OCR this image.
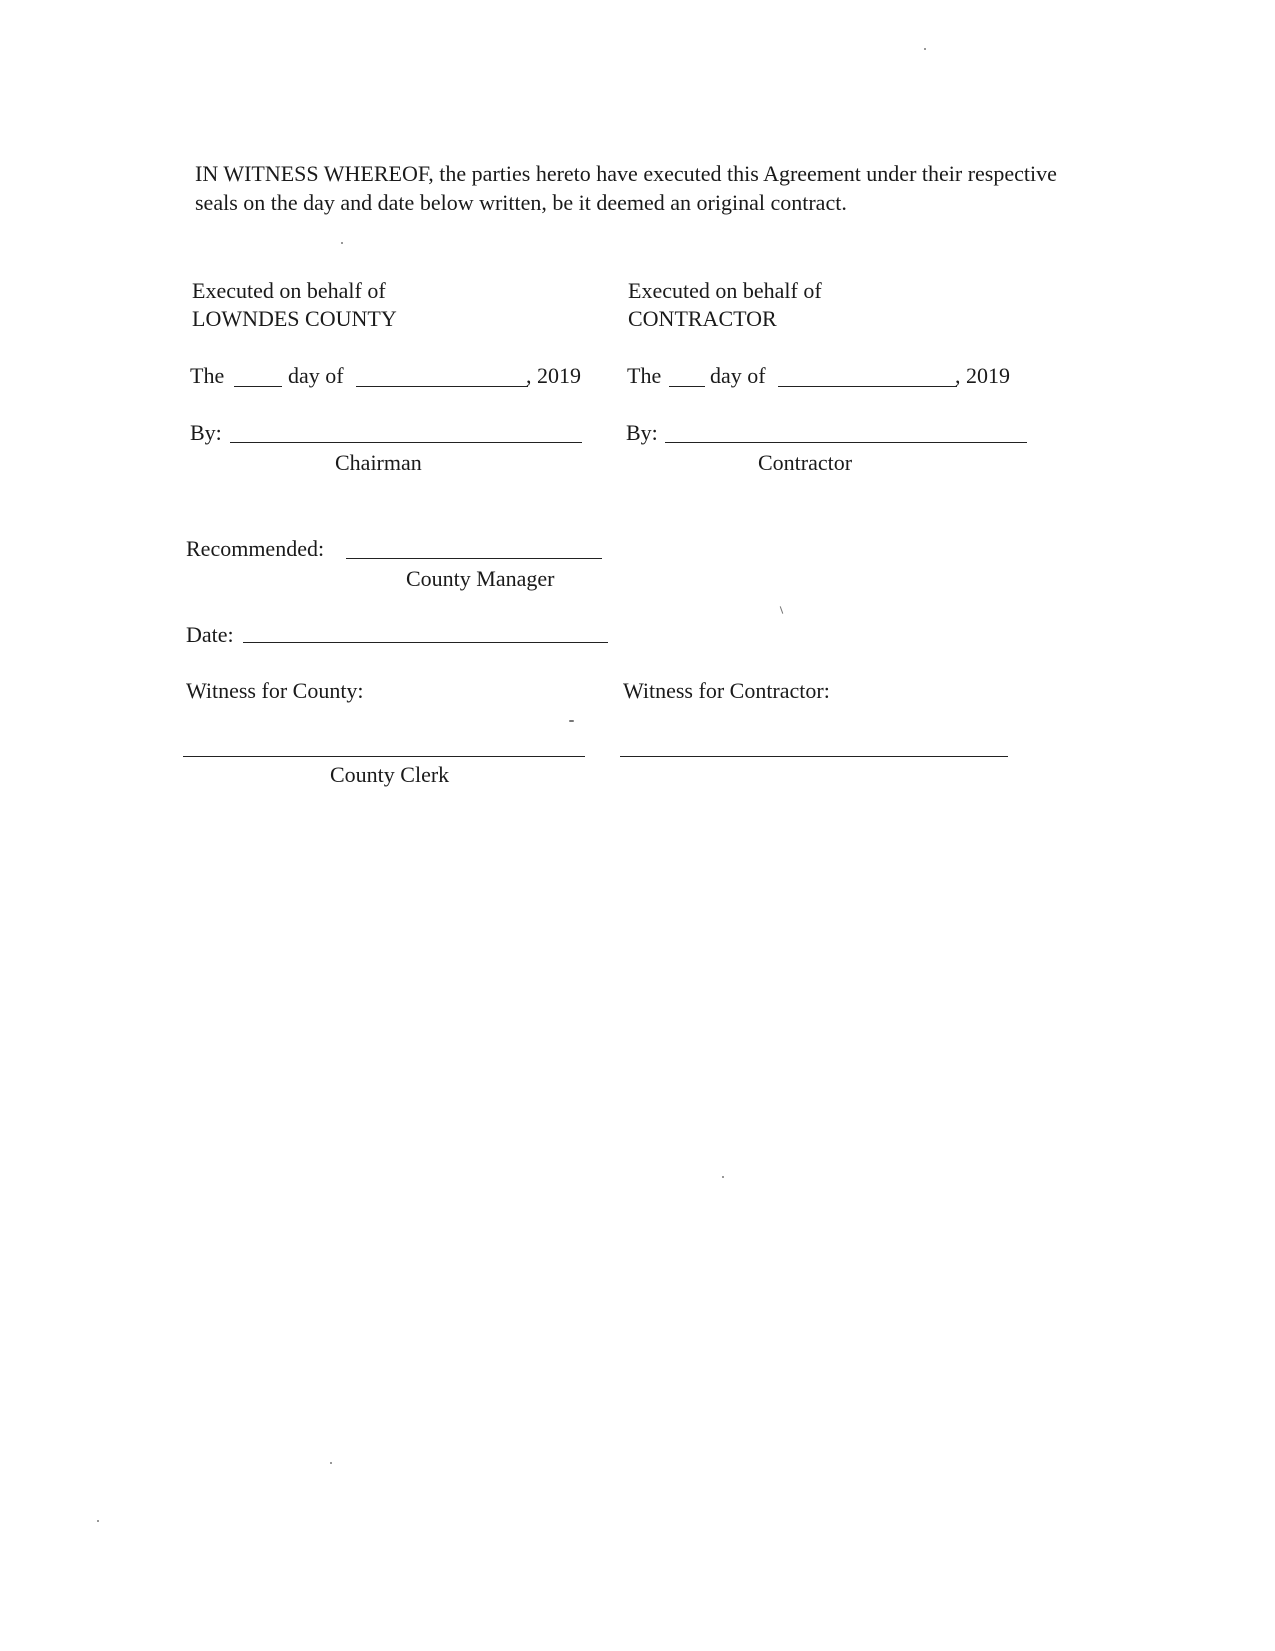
IN WITNESS WHEREOF, the parties hereto have executed this Agreement under their respective
seals on the day and date below written, be it deemed an original contract.
Executed on behalf of
LOWNDES COUNTY
The	day of	, 2019
By:
Chairman
Recommended:
County Manager
Date:
Witness for County:
County Clerk
Executed on behalf of
CONTRACTOR
The day of	, 2019
By:
Contractor
Witness for Contractor:
